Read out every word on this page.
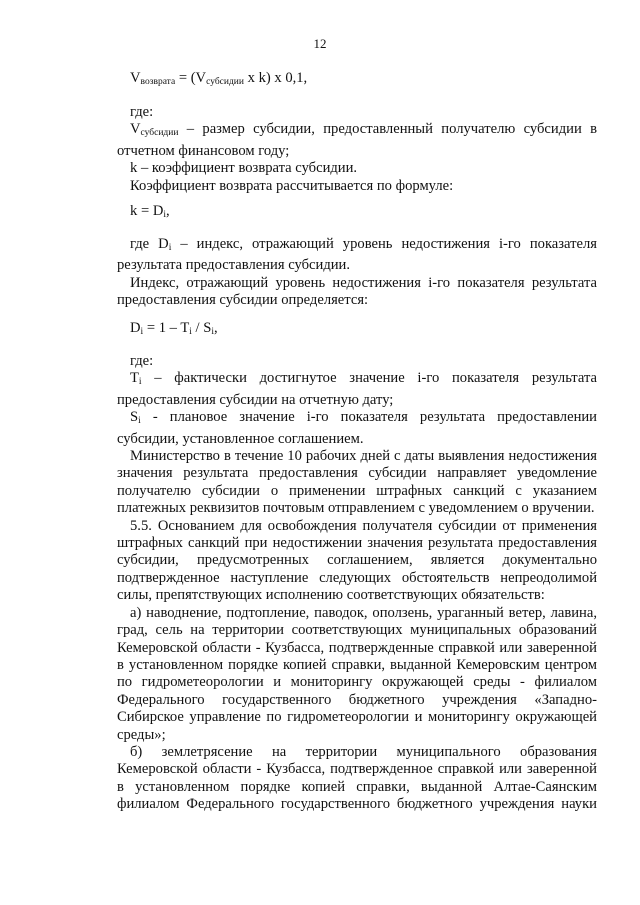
12

$V_{возврата} = (V_{субсидии}$ x k) x 0,1,

где:

$V_{субсидии}$ – размер субсидии, предоставленный получателю субсидии в отчетном финансовом году;

k – коэффициент возврата субсидии.

Коэффициент возврата рассчитывается по формуле:

$k = D_i$,

где $D_i$ – индекс, отражающий уровень недостижения i-го показателя результата предоставления субсидии.

Индекс, отражающий уровень недостижения i-го показателя результата предоставления субсидии определяется:

$D_i = 1 - T_i / S_i$,

где:

$T_i$ – фактически достигнутое значение i-го показателя результата предоставления субсидии на отчетную дату;

$S_i$ - плановое значение i-го показателя результата предоставлении субсидии, установленное соглашением.

Министерство в течение 10 рабочих дней с даты выявления недостижения значения результата предоставления субсидии направляет уведомление получателю субсидии о применении штрафных санкций с указанием платежных реквизитов почтовым отправлением с уведомлением о вручении.

5.5. Основанием для освобождения получателя субсидии от применения штрафных санкций при недостижении значения результата предоставления субсидии, предусмотренных соглашением, является документально подтвержденное наступление следующих обстоятельств непреодолимой силы, препятствующих исполнению соответствующих обязательств:

а) наводнение, подтопление, паводок, оползень, ураганный ветер, лавина, град, сель на территории соответствующих муниципальных образований Кемеровской области - Кузбасса, подтвержденные справкой или заверенной в установленном порядке копией справки, выданной Кемеровским центром по гидрометеорологии и мониторингу окружающей среды - филиалом Федерального государственного бюджетного учреждения «Западно-Сибирское управление по гидрометеорологии и мониторингу окружающей среды»;

б) землетрясение на территории муниципального образования Кемеровской области - Кузбасса, подтвержденное справкой или заверенной в установленном порядке копией справки, выданной Алтае-Саянским филиалом Федерального государственного бюджетного учреждения науки
